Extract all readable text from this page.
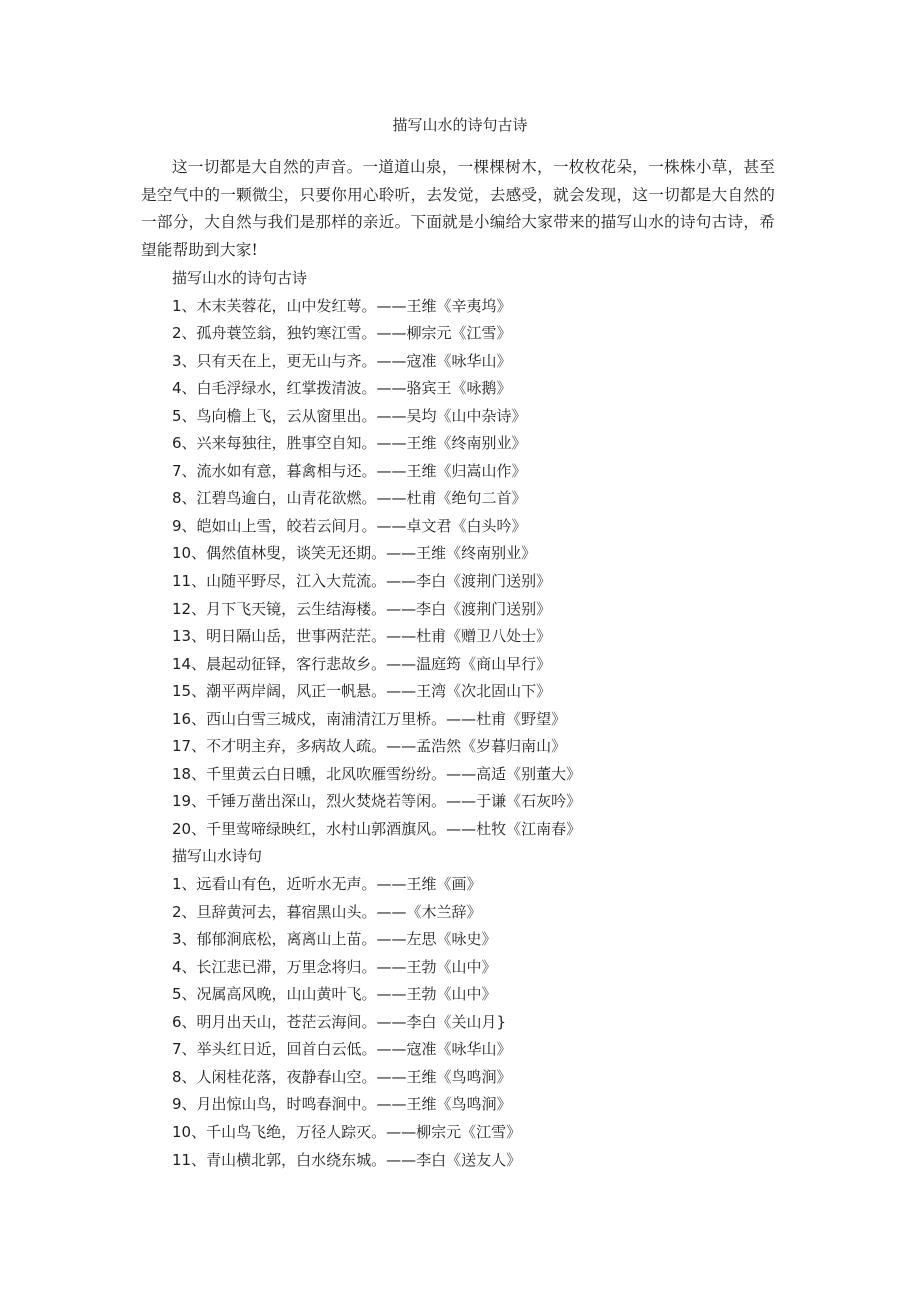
描写山水的诗句古诗

这一切都是大自然的声音。一道道山泉，一棵棵树木，一枚枚花朵，一株株小草，甚至是空气中的一颗微尘，只要你用心聆听，去发觉，去感受，就会发现，这一切都是大自然的一部分，大自然与我们是那样的亲近。下面就是小编给大家带来的描写山水的诗句古诗，希望能帮助到大家!

描写山水的诗句古诗
1、木末芙蓉花，山中发红萼。——王维《辛夷坞》
2、孤舟蓑笠翁，独钓寒江雪。——柳宗元《江雪》
3、只有天在上，更无山与齐。——寇准《咏华山》
4、白毛浮绿水，红掌拨清波。——骆宾王《咏鹅》
5、鸟向檐上飞，云从窗里出。——吴均《山中杂诗》
6、兴来每独往，胜事空自知。——王维《终南别业》
7、流水如有意，暮禽相与还。——王维《归嵩山作》
8、江碧鸟逾白，山青花欲燃。——杜甫《绝句二首》
9、皑如山上雪，皎若云间月。——卓文君《白头吟》
10、偶然值林叟，谈笑无还期。——王维《终南别业》
11、山随平野尽，江入大荒流。——李白《渡荆门送别》
12、月下飞天镜，云生结海楼。——李白《渡荆门送别》
13、明日隔山岳，世事两茫茫。——杜甫《赠卫八处士》
14、晨起动征铎，客行悲故乡。——温庭筠《商山早行》
15、潮平两岸阔，风正一帆悬。——王湾《次北固山下》
16、西山白雪三城戍，南浦清江万里桥。——杜甫《野望》
17、不才明主弃，多病故人疏。——孟浩然《岁暮归南山》
18、千里黄云白日曛，北风吹雁雪纷纷。——高适《别董大》
19、千锤万凿出深山，烈火焚烧若等闲。——于谦《石灰吟》
20、千里莺啼绿映红，水村山郭酒旗风。——杜牧《江南春》
描写山水诗句
1、远看山有色，近听水无声。——王维《画》
2、旦辞黄河去，暮宿黑山头。——《木兰辞》
3、郁郁涧底松，离离山上苗。——左思《咏史》
4、长江悲已滞，万里念将归。——王勃《山中》
5、况属高风晚，山山黄叶飞。——王勃《山中》
6、明月出天山，苍茫云海间。——李白《关山月}
7、举头红日近，回首白云低。——寇准《咏华山》
8、人闲桂花落，夜静春山空。——王维《鸟鸣涧》
9、月出惊山鸟，时鸣春涧中。——王维《鸟鸣涧》
10、千山鸟飞绝，万径人踪灭。——柳宗元《江雪》
11、青山横北郭，白水绕东城。——李白《送友人》
